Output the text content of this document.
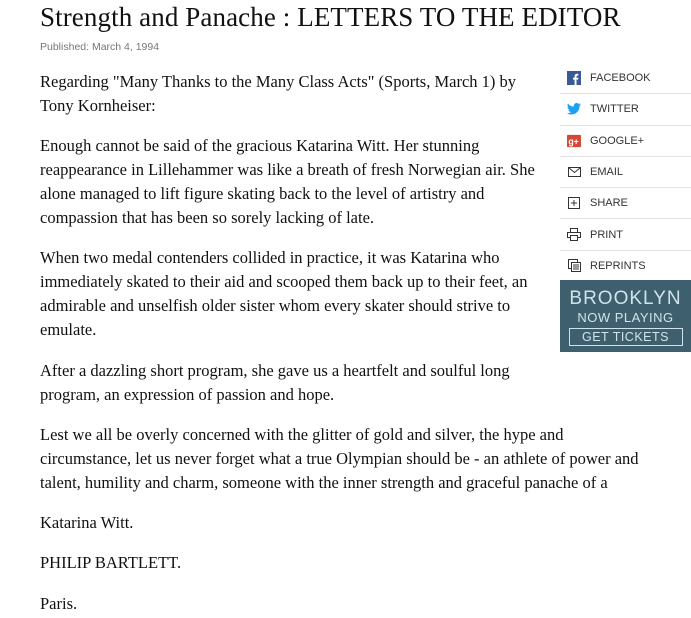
Strength and Panache : LETTERS TO THE EDITOR
Published: March 4, 1994

Regarding "Many Thanks to the Many Class Acts" (Sports, March 1) by Tony Kornheiser:

Enough cannot be said of the gracious Katarina Witt. Her stunning reappearance in Lillehammer was like a breath of fresh Norwegian air. She alone managed to lift figure skating back to the level of artistry and compassion that has been so sorely lacking of late.

When two medal contenders collided in practice, it was Katarina who immediately skated to their aid and scooped them back up to their feet, an admirable and unselfish older sister whom every skater should strive to emulate.

After a dazzling short program, she gave us a heartfelt and soulful long program, an expression of passion and hope.

Lest we all be overly concerned with the glitter of gold and silver, the hype and
circumstance, let us never forget what a true Olympian should be - an athlete of power and
talent, humility and charm, someone with the inner strength and graceful panache of a

Katarina Witt.

PHILIP BARTLETT.

Paris.

FACEBOOK
TWITTER
g+ GOOGLE+
EMAIL
SHARE
PRINT
REPRINTS
BROOKLYN
NOW PLAYING
GET TICKETS
